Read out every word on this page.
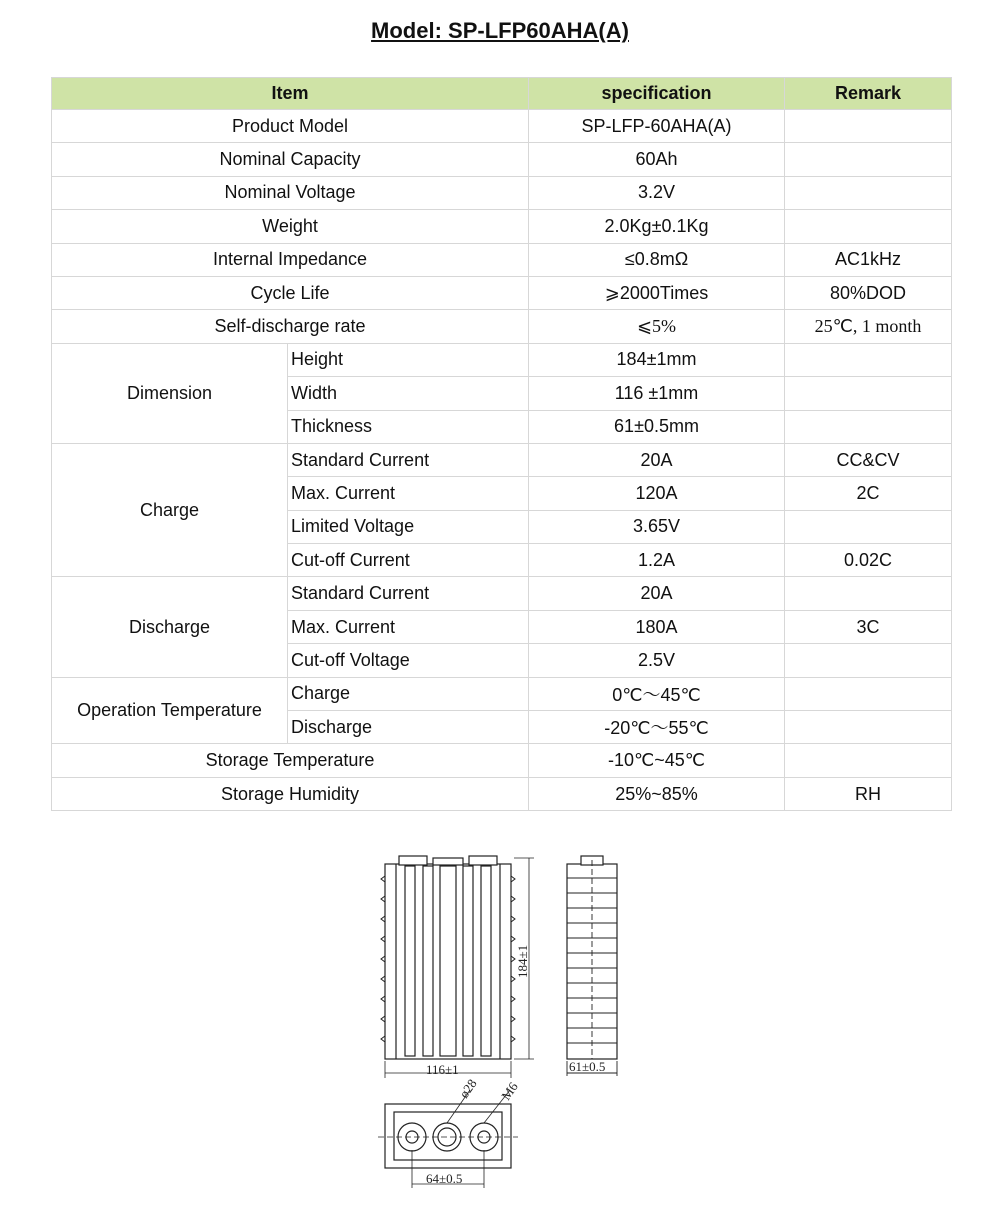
Model: SP-LFP60AHA(A)
Item		specification	Remark
Product Model		SP-LFP-60AHA(A)	
Nominal Capacity		60Ah	
Nominal Voltage		3.2V	
Weight		2.0Kg±0.1Kg	
Internal Impedance		≤0.8mΩ	AC1kHz
Cycle Life		⩾2000Times	80%DOD
Self-discharge rate		⩽5%	25℃, 1 month
Dimension	Height	184±1mm	
	Width	116 ±1mm	
	Thickness	61±0.5mm	
Charge	Standard Current	20A	CC&CV
	Max. Current	120A	2C
	Limited Voltage	3.65V	
	Cut-off Current	1.2A	0.02C
Discharge	Standard Current	20A	
	Max. Current	180A	3C
	Cut-off Voltage	2.5V	
Operation Temperature	Charge	0℃～45℃	
	Discharge	-20℃～55℃	
Storage Temperature		-10℃~45℃	
Storage Humidity		25%~85%	RH
184±1
116±1	61±0.5
ø28 M6
64±0.5
